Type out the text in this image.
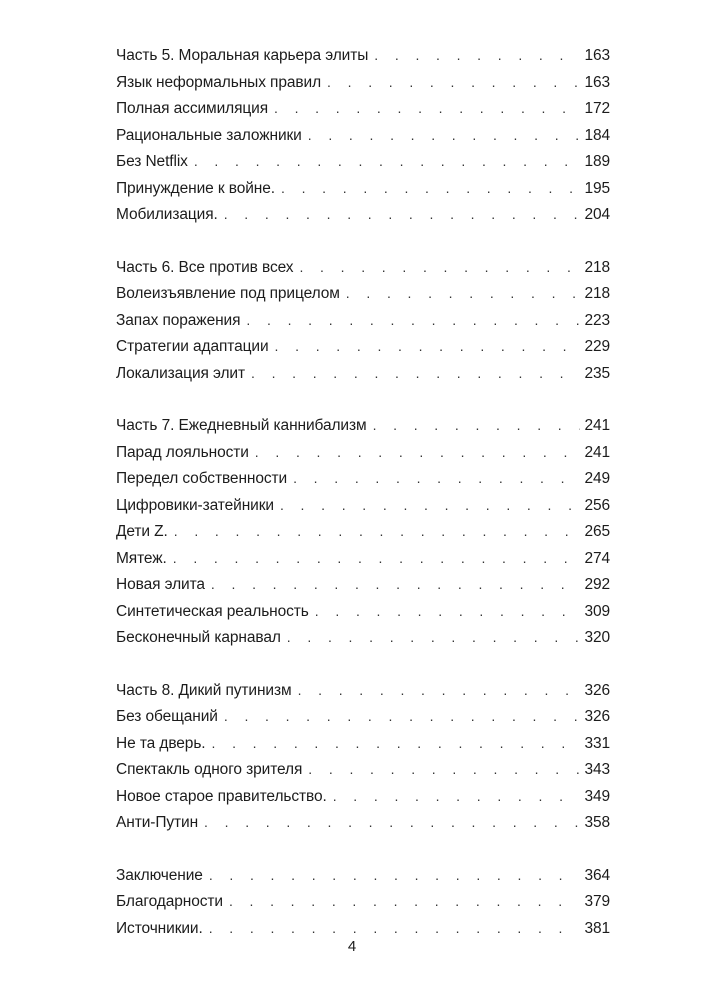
Часть 5. Моральная карьера элиты . . .	163
Язык неформальных правил . . .	163
Полная ассимиляция . . .	172
Рациональные заложники . . .	184
Без Netflix . . .	189
Принуждение к войне. . . .	195
Мобилизация. . . .	204
Часть 6. Все против всех . . .	218
Волеизъявление под прицелом . . .	218
Запах поражения . . .	223
Стратегии адаптации . . .	229
Локализация элит . . .	235
Часть 7. Ежедневный каннибализм . . .	241
Парад лояльности . . .	241
Передел собственности . . .	249
Цифровики-затейники . . .	256
Дети Z. . . .	265
Мятеж. . . .	274
Новая элита . . .	292
Синтетическая реальность . . .	309
Бесконечный карнавал . . .	320
Часть 8. Дикий путинизм . . .	326
Без обещаний . . .	326
Не та дверь. . . .	331
Спектакль одного зрителя . . .	343
Новое старое правительство. . . .	349
Анти-Путин . . .	358
Заключение . . .	364
Благодарности . . .	379
Источникии. . . .	381
4
